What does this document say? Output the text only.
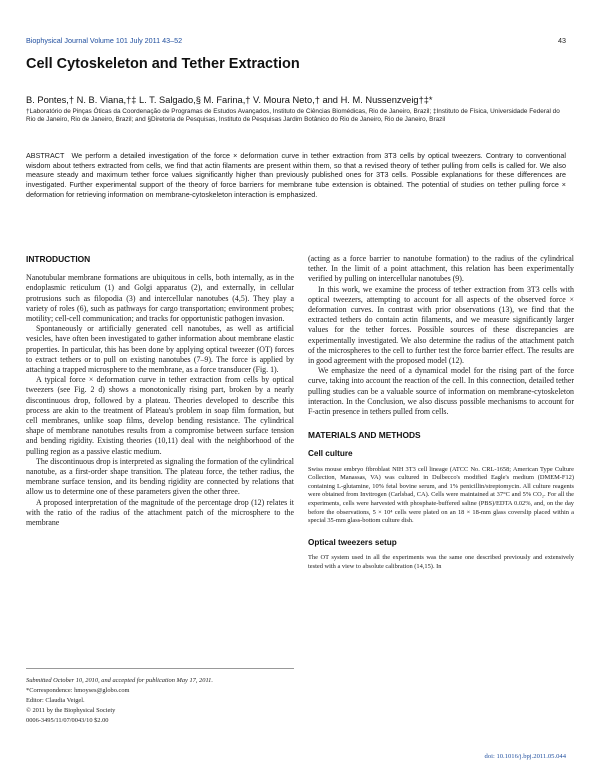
Biophysical Journal Volume 101 July 2011 43–52	43
Cell Cytoskeleton and Tether Extraction
B. Pontes,† N. B. Viana,†‡ L. T. Salgado,§ M. Farina,† V. Moura Neto,† and H. M. Nussenzveig†‡*
†Laboratório de Pinças Óticas da Coordenação de Programas de Estudos Avançados, Instituto de Ciências Biomédicas, Rio de Janeiro, Brazil; ‡Instituto de Física, Universidade Federal do Rio de Janeiro, Rio de Janeiro, Brazil; and §Diretoria de Pesquisas, Instituto de Pesquisas Jardim Botânico do Rio de Janeiro, Rio de Janeiro, Brazil
ABSTRACT We perform a detailed investigation of the force × deformation curve in tether extraction from 3T3 cells by optical tweezers. Contrary to conventional wisdom about tethers extracted from cells, we find that actin filaments are present within them, so that a revised theory of tether pulling from cells is called for. We also measure steady and maximum tether force values significantly higher than previously published ones for 3T3 cells. Possible explanations for these differences are investigated. Further experimental support of the theory of force barriers for membrane tube extension is obtained. The potential of studies on tether pulling force × deformation for retrieving information on membrane-cytoskeleton interaction is emphasized.
INTRODUCTION

Nanotubular membrane formations are ubiquitous in cells, both internally, as in the endoplasmic reticulum (1) and Golgi apparatus (2), and externally, in cellular protrusions such as filopodia (3) and intercellular nanotubes (4,5). They play a variety of roles (6), such as pathways for cargo transportation; environment probes; motility; cell-cell communication; and tracks for opportunistic pathogen invasion.

Spontaneously or artificially generated cell nanotubes, as well as artificial vesicles, have often been investigated to gather information about membrane elastic properties. In particular, this has been done by applying optical tweezer (OT) forces to extract tethers or to pull on existing nanotubes (7–9). The force is applied by attaching a trapped microsphere to the membrane, as a force transducer (Fig. 1).

A typical force × deformation curve in tether extraction from cells by optical tweezers (see Fig. 2 d) shows a monotonically rising part, broken by a nearly discontinuous drop, followed by a plateau. Theories developed to describe this process are akin to the treatment of Plateau's problem in soap film formation, but cell membranes, unlike soap films, develop bending resistance. The cylindrical shape of membrane nanotubes results from a compromise between surface tension and bending rigidity. Existing theories (10,11) deal with the neighborhood of the pulling region as a passive elastic medium.

The discontinuous drop is interpreted as signaling the formation of the cylindrical nanotube, as a first-order shape transition. The plateau force, the tether radius, the membrane surface tension, and its bending rigidity are connected by relations that allow us to determine one of these parameters given the other three.

A proposed interpretation of the magnitude of the percentage drop (12) relates it with the ratio of the radius of the attachment patch of the microsphere to the membrane

Submitted October 10, 2010, and accepted for publication May 17, 2011.
*Correspondence: hmoyses@globo.com
Editor: Claudia Veigel.
© 2011 by the Biophysical Society
0006-3495/11/07/0043/10 $2.00

(acting as a force barrier to nanotube formation) to the radius of the cylindrical tether. In the limit of a point attachment, this relation has been experimentally verified by pulling on intercellular nanotubes (9).

In this work, we examine the process of tether extraction from 3T3 cells with optical tweezers, attempting to account for all aspects of the observed force × deformation curves. In contrast with prior observations (13), we find that the extracted tethers do contain actin filaments, and we measure significantly larger values for the tether forces. Possible sources of these discrepancies are experimentally investigated. We also determine the radius of the attachment patch of the microspheres to the cell to further test the force barrier effect. The results are in good agreement with the proposed model (12).

We emphasize the need of a dynamical model for the rising part of the force curve, taking into account the reaction of the cell. In this connection, detailed tether pulling studies can be a valuable source of information on membrane-cytoskeleton interaction. In the Conclusion, we also discuss possible mechanisms to account for F-actin presence in tethers pulled from cells.

MATERIALS AND METHODS
Cell culture

Swiss mouse embryo fibroblast NIH 3T3 cell lineage (ATCC No. CRL-1658; American Type Culture Collection, Manassas, VA) was cultured in Dulbecco's modified Eagle's medium (DMEM-F12) containing L-glutamine, 10% fetal bovine serum, and 1% penicillin/streptomycin. All culture reagents were obtained from Invitrogen (Carlsbad, CA). Cells were maintained at 37°C and 5% CO₂. For all the experiments, cells were harvested with phosphate-buffered saline (PBS)/EDTA 0.02%, and, on the day before the observations, 5 × 10⁴ cells were plated on an 18 × 18-mm glass coverslip placed within a special 35-mm glass-bottom culture dish.

Optical tweezers setup

The OT system used in all the experiments was the same one described previously and extensively tested with a view to absolute calibration (14,15). In

doi: 10.1016/j.bpj.2011.05.044
